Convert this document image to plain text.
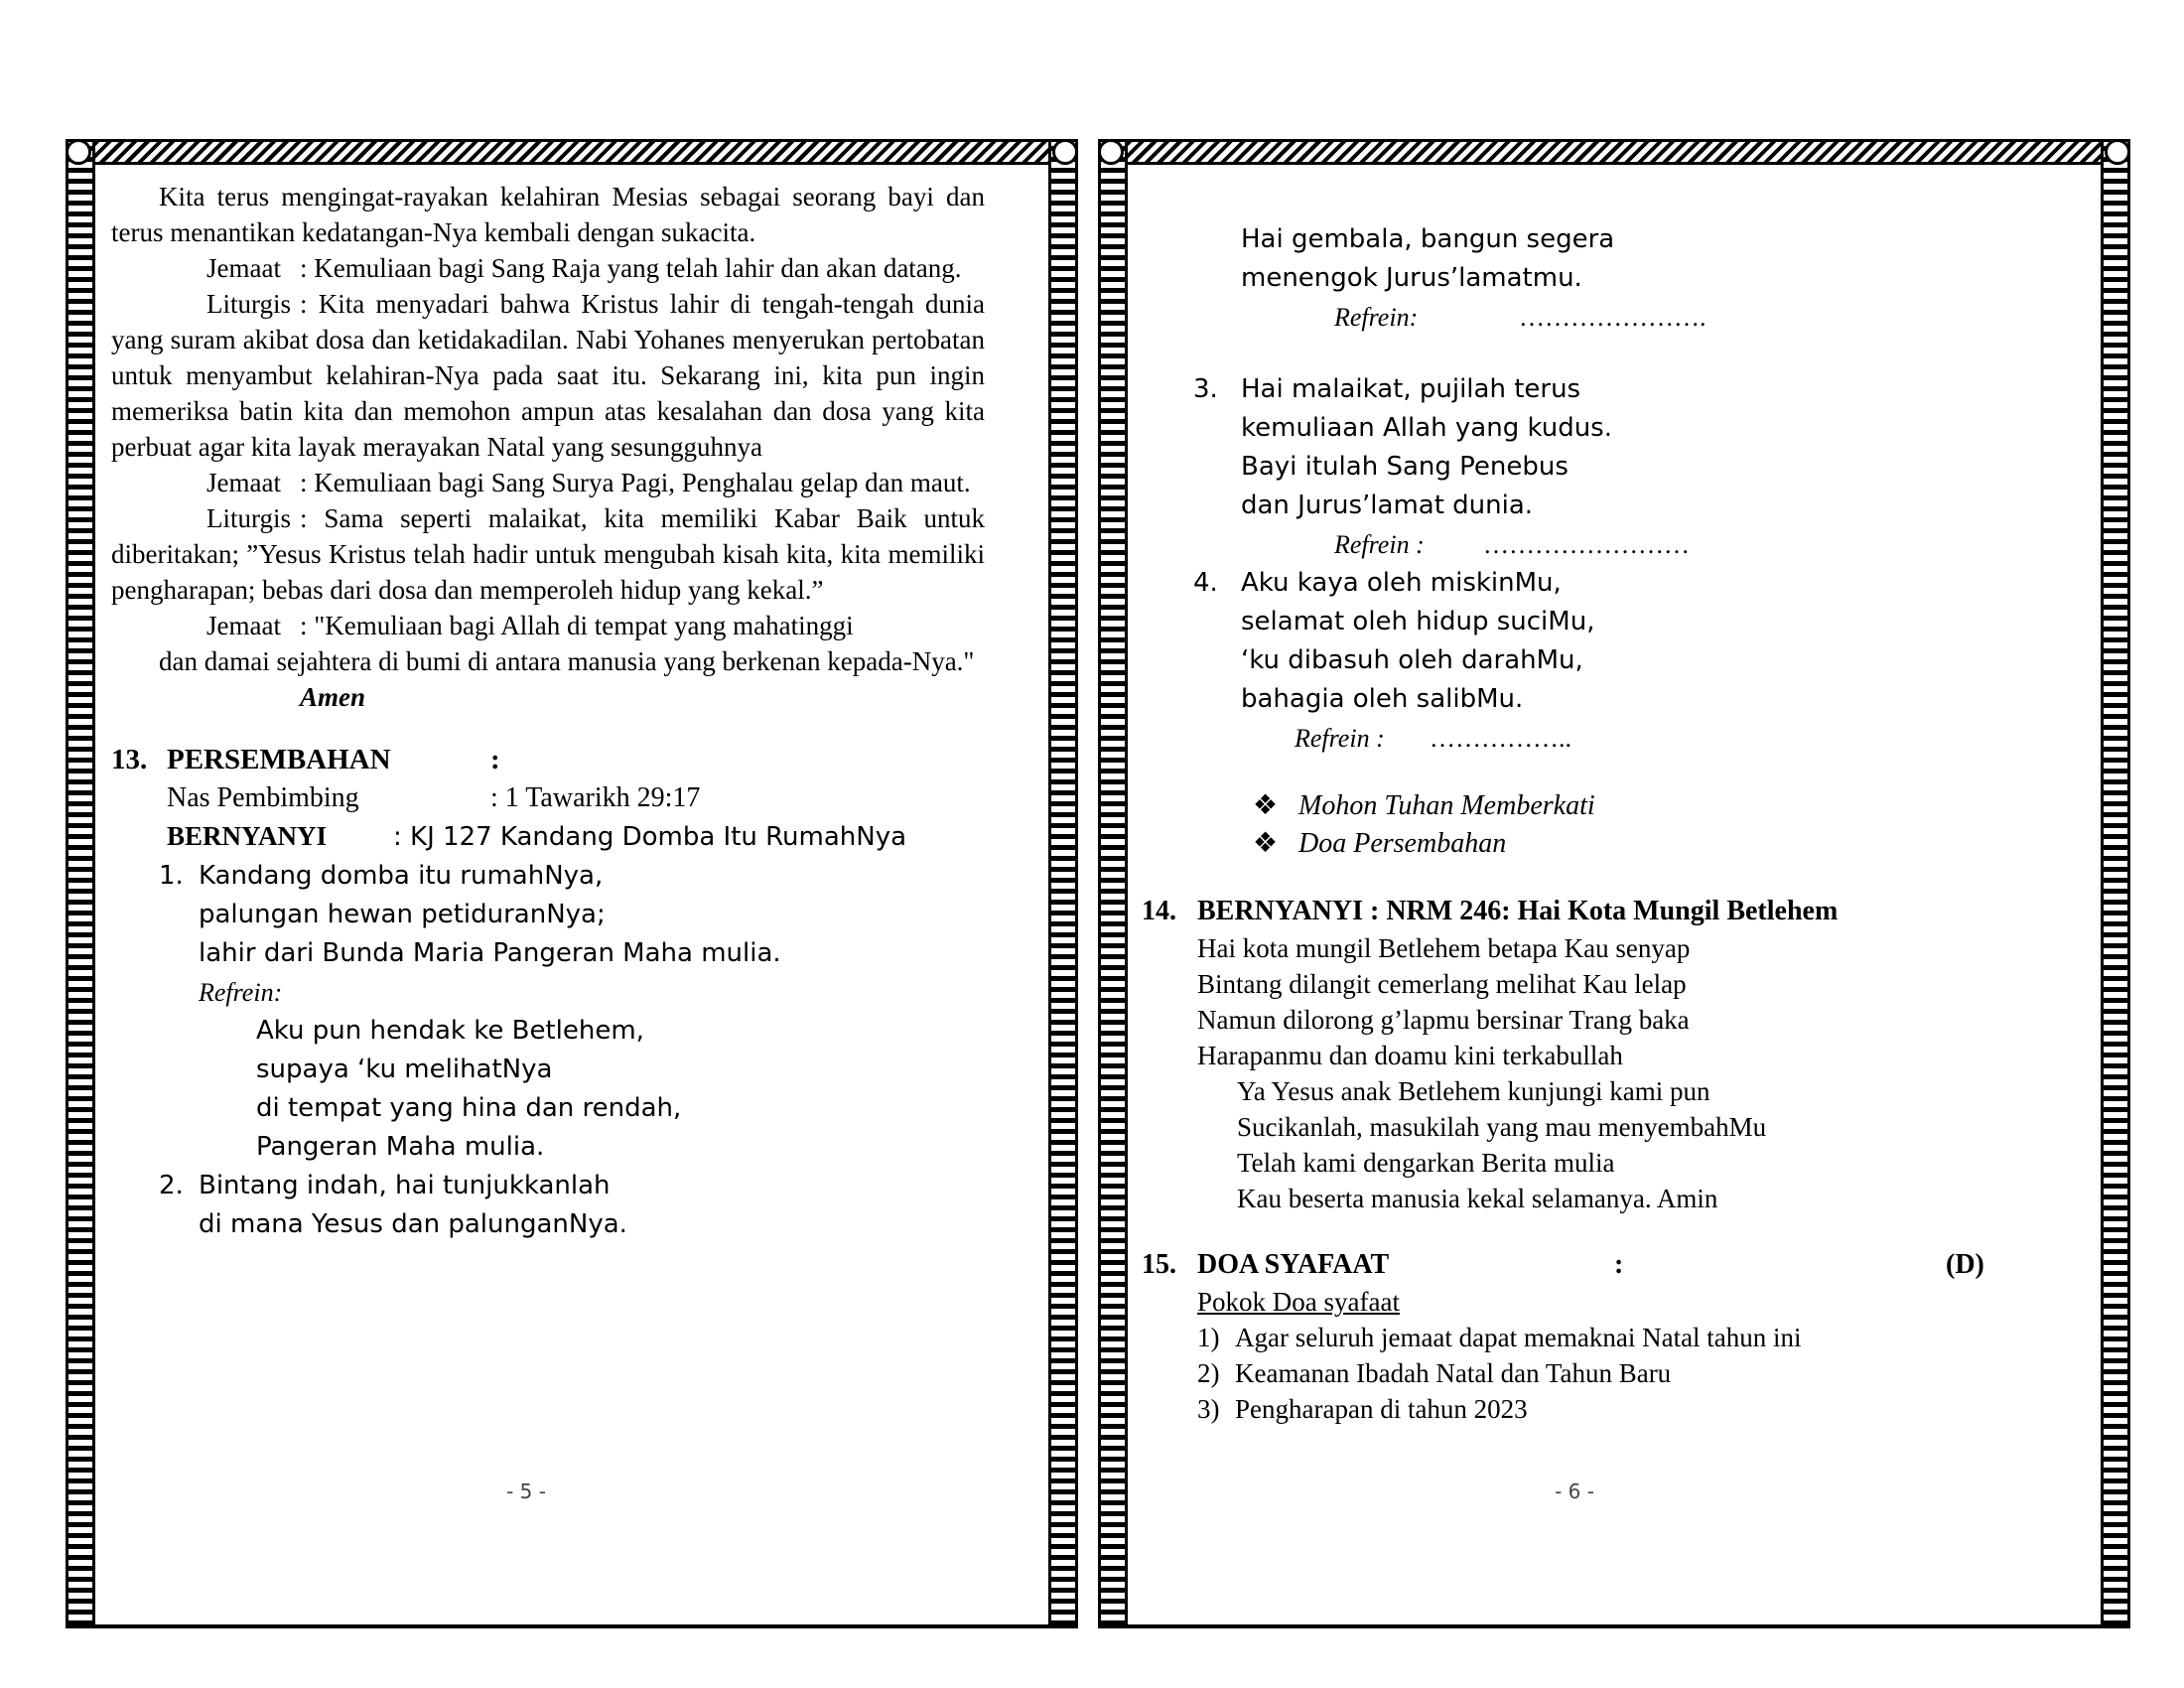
Kita terus mengingat-rayakan kelahiran Mesias sebagai seorang bayi dan terus menantikan kedatangan-Nya kembali dengan sukacita.

Jemaat : Kemuliaan bagi Sang Raja yang telah lahir dan akan datang.

Liturgis : Kita menyadari bahwa Kristus lahir di tengah-tengah dunia yang suram akibat dosa dan ketidakadilan. Nabi Yohanes menyerukan pertobatan untuk menyambut kelahiran-Nya pada saat itu. Sekarang ini, kita pun ingin memeriksa batin kita dan memohon ampun atas kesalahan dan dosa yang kita perbuat agar kita layak merayakan Natal yang sesungguhnya

Jemaat : Kemuliaan bagi Sang Surya Pagi, Penghalau gelap dan maut.

Liturgis : Sama seperti malaikat, kita memiliki Kabar Baik untuk diberitakan; ”Yesus Kristus telah hadir untuk mengubah kisah kita, kita memiliki pengharapan; bebas dari dosa dan memperoleh hidup yang kekal.”

Jemaat : "Kemuliaan bagi Allah di tempat yang mahatinggi

dan damai sejahtera di bumi di antara manusia yang berkenan kepada-Nya."

Amen
13. PERSEMBAHAN	:
Nas Pembimbing	: 1 Tawarikh 29:17
BERNYANYI	: KJ 127 Kandang Domba Itu RumahNya
1. Kandang domba itu rumahNya,
palungan hewan petiduranNya;
lahir dari Bunda Maria Pangeran Maha mulia.
Refrein:
Aku pun hendak ke Betlehem,
supaya ‘ku melihatNya
di tempat yang hina dan rendah,
Pangeran Maha mulia.
2. Bintang indah, hai tunjukkanlah
di mana Yesus dan palunganNya.
- 5 -
Hai gembala, bangun segera
menengok Jurus’lamatmu.
Refrein:	………………….
3. Hai malaikat, pujilah terus
kemuliaan Allah yang kudus.
Bayi itulah Sang Penebus
dan Jurus’lamat dunia.
Refrein : ……………………
4. Aku kaya oleh miskinMu,
selamat oleh hidup suciMu,
‘ku dibasuh oleh darahMu,
bahagia oleh salibMu.
Refrein : ……………..
❖ Mohon Tuhan Memberkati
❖ Doa Persembahan
14. BERNYANYI : NRM 246: Hai Kota Mungil Betlehem
Hai kota mungil Betlehem betapa Kau senyap
Bintang dilangit cemerlang melihat Kau lelap
Namun dilorong g’lapmu bersinar Trang baka
Harapanmu dan doamu kini terkabullah
Ya Yesus anak Betlehem kunjungi kami pun
Sucikanlah, masukilah yang mau menyembahMu
Telah kami dengarkan Berita mulia
Kau beserta manusia kekal selamanya. Amin
15. DOA SYAFAAT	:	(D)
Pokok Doa syafaat
1) Agar seluruh jemaat dapat memaknai Natal tahun ini
2) Keamanan Ibadah Natal dan Tahun Baru
3) Pengharapan di tahun 2023
- 6 -
